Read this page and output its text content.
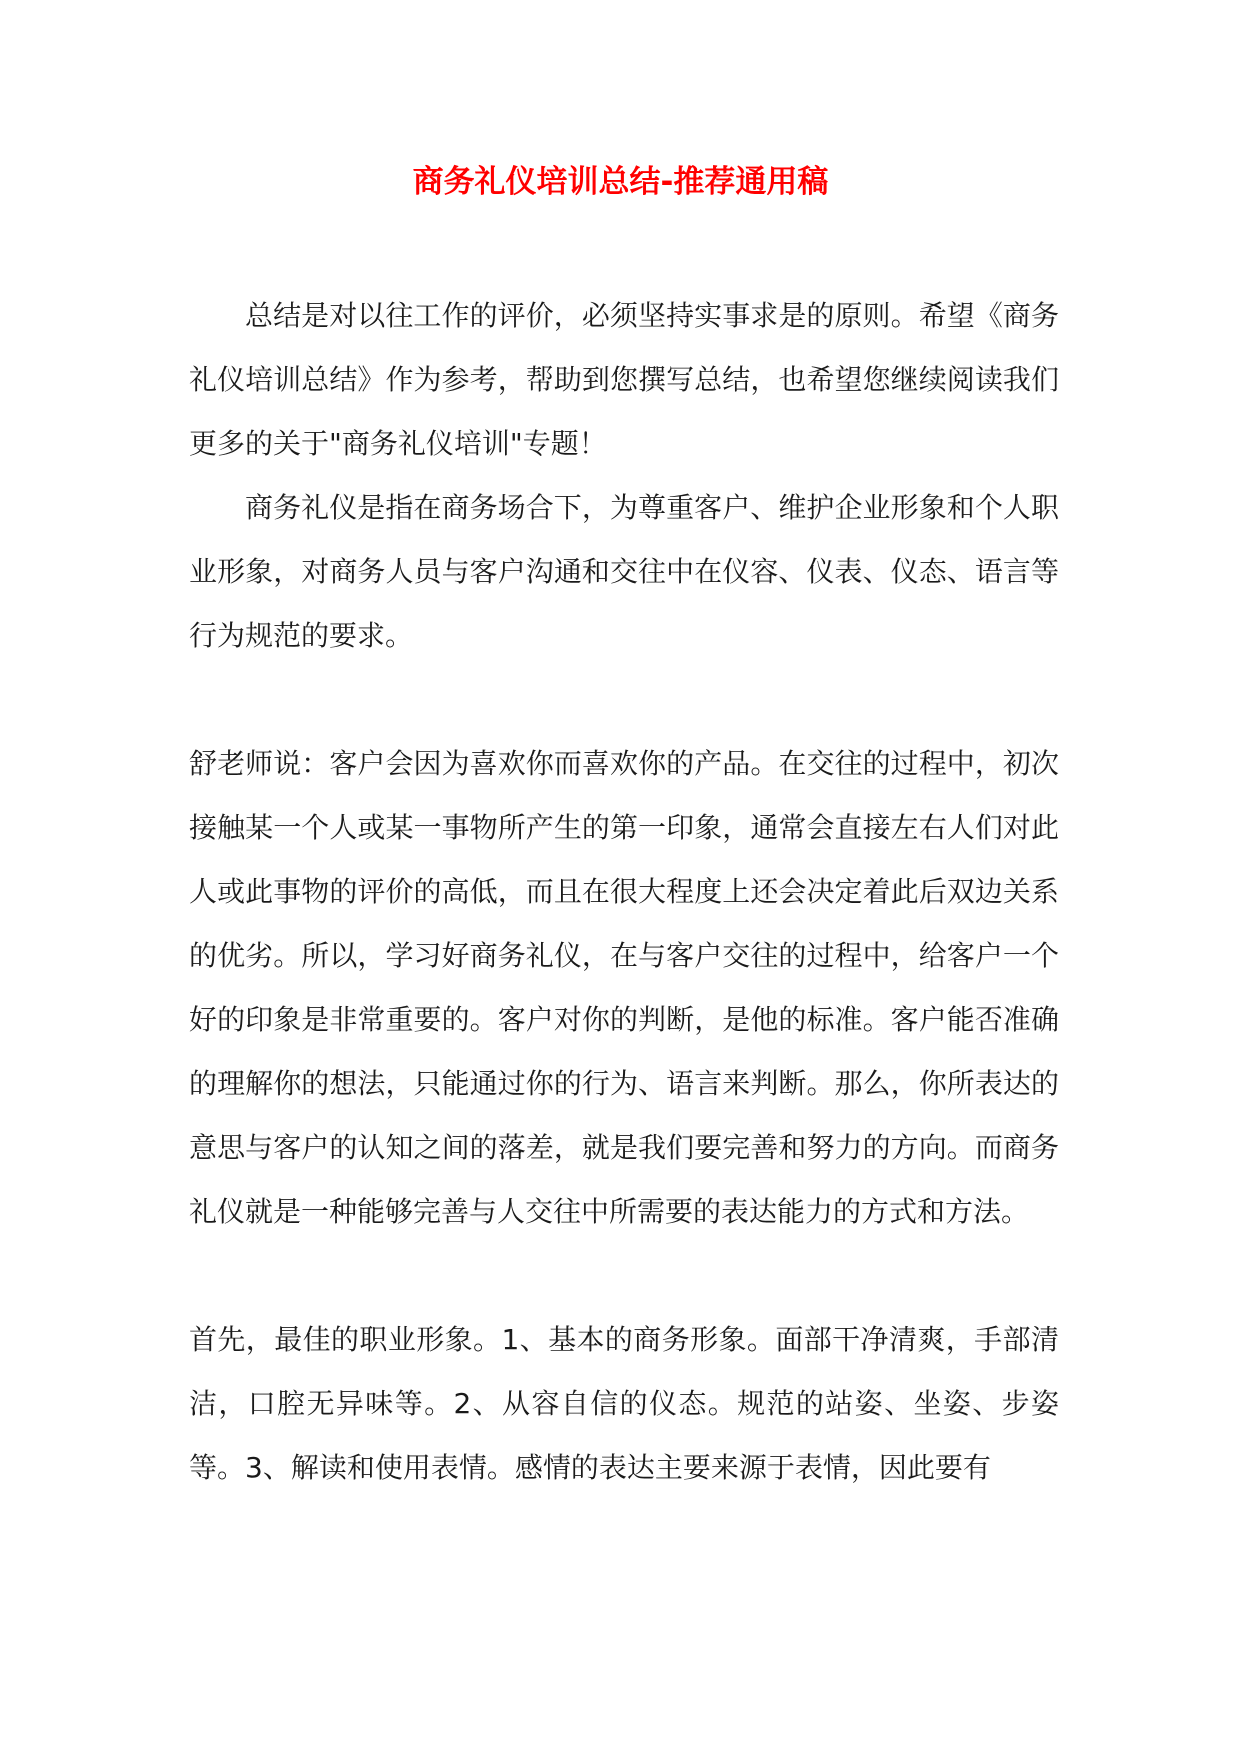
商务礼仪培训总结-推荐通用稿

总结是对以往工作的评价，必须坚持实事求是的原则。希望《商务礼仪培训总结》作为参考，帮助到您撰写总结，也希望您继续阅读我们更多的关于"商务礼仪培训"专题！

商务礼仪是指在商务场合下，为尊重客户、维护企业形象和个人职业形象，对商务人员与客户沟通和交往中在仪容、仪表、仪态、语言等行为规范的要求。

舒老师说：客户会因为喜欢你而喜欢你的产品。在交往的过程中，初次接触某一个人或某一事物所产生的第一印象，通常会直接左右人们对此人或此事物的评价的高低，而且在很大程度上还会决定着此后双边关系的优劣。所以，学习好商务礼仪，在与客户交往的过程中，给客户一个好的印象是非常重要的。客户对你的判断，是他的标准。客户能否准确的理解你的想法，只能通过你的行为、语言来判断。那么，你所表达的意思与客户的认知之间的落差，就是我们要完善和努力的方向。而商务礼仪就是一种能够完善与人交往中所需要的表达能力的方式和方法。

首先，最佳的职业形象。1、基本的商务形象。面部干净清爽，手部清洁，口腔无异味等。2、从容自信的仪态。规范的站姿、坐姿、步姿等。3、解读和使用表情。感情的表达主要来源于表情，因此要有
